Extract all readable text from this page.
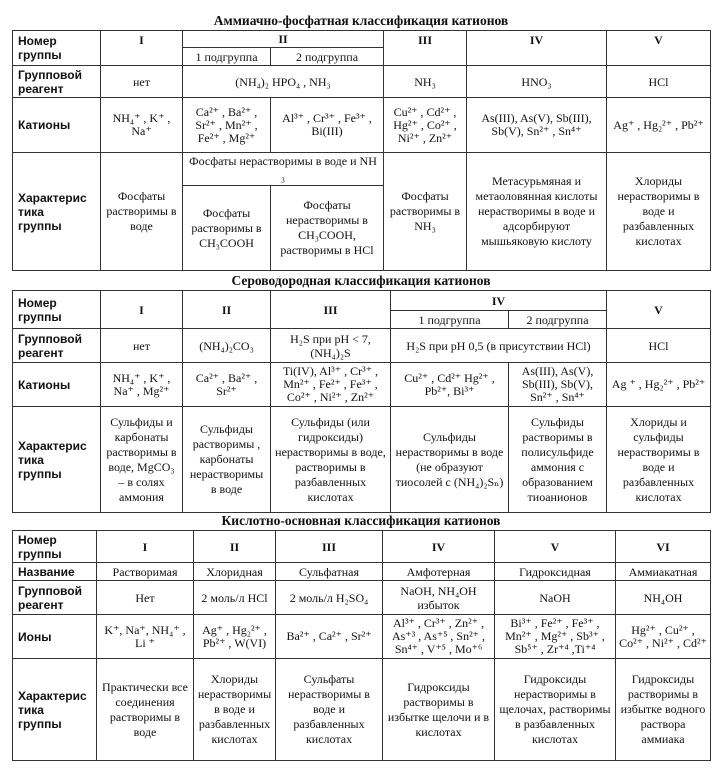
Аммиачно-фосфатная классификация катионов
Номер группы	I	II		III	IV	V
		1 подгруппа	2 подгруппа			
Групповой реагент	нет	(NH₄)₂ HPO₄ , NH₃		NH₃	HNO₃	HCl
Катионы	NH₄⁺ , K⁺ , Na⁺	Ca²⁺ , Ba²⁺ , Sr²⁺ , Mn²⁺ , Fe²⁺ , Mg²⁺	Al³⁺ , Cr³⁺ , Fe³⁺ , Bi(III)	Cu²⁺ , Cd²⁺ , Hg²⁺ , Co²⁺ , Ni²⁺ , Zn²⁺	As(III), As(V), Sb(III), Sb(V), Sn²⁺ , Sn⁴⁺	Ag⁺ , Hg₂²⁺ , Pb²⁺
Характерис
тика
группы	Фосфаты растворимы в воде	Фосфаты нерастворимы в воде и NH ₃		Фосфаты растворимы в NH₃	Метасурьмяная и метаоловянная кислоты нерастворимы в воде и адсорбируют мышьяковую кислоту	Хлориды нерастворимы в воде и разбавленных кислотах
		Фосфаты растворимы в CH₃COOH	Фосфаты нерастворимы в CH₃COOH, растворимы в HCl			
Сероводородная классификация катионов
Номер группы	I	II	III	IV		V
				1 подгруппа	2 подгруппа	
Групповой реагент	нет	(NH₄)₂CO₃	H₂S при pH < 7, (NH₄)₂S	H₂S при pH 0,5 (в присутствии HCl)		HCl
Катионы	NH₄⁺ , K⁺ , Na⁺ , Mg²⁺	Ca²⁺ , Ba²⁺ , Sr²⁺	Ti(IV), Al³⁺ , Cr³⁺ , Mn²⁺ , Fe²⁺ , Fe³⁺ , Co²⁺ , Ni²⁺ , Zn²⁺	Cu²⁺ , Cd²⁺ Hg²⁺ , Pb²⁺, Bi³⁺	As(III), As(V), Sb(III), Sb(V), Sn²⁺ , Sn⁴⁺	Ag ⁺ , Hg₂²⁺ , Pb²⁺
Характерис
тика
группы	Сульфиды и карбонаты растворимы в воде, MgCO₃ – в солях аммония	Сульфиды растворимы , карбонаты нерастворимы в воде	Сульфиды (или гидроксиды) нерастворимы в воде, растворимы в разбавленных кислотах	Сульфиды нерастворимы в воде (не образуют тиосолей с (NH₄)₂Sₙ)	Сульфиды растворимы в полисульфиде аммония с образованием тиоанионов	Хлориды и сульфиды нерастворимы в воде и разбавленных кислотах
Кислотно-основная классификация катионов
Номер группы	I	II	III	IV	V	VI
Название	Растворимая	Хлоридная	Сульфатная	Амфотерная	Гидроксидная	Аммиакатная
Групповой реагент	Нет	2 моль/л HCl	2 моль/л H₂SO₄	NaOH, NH₄OH избыток	NaOH	NH₄OH
Ионы	K⁺, Na⁺, NH₄⁺ , Li ⁺	Ag⁺ , Hg₂²⁺ , Pb²⁺ , W(VI)	Ba²⁺ , Ca²⁺ , Sr²⁺	Al³⁺ , Cr³⁺ , Zn²⁺ , As⁺³ , As⁺⁵ , Sn²⁺ , Sn⁴⁺ , V⁺⁵ , Mo⁺⁶	Bi³⁺ , Fe²⁺ , Fe³⁺ , Mn²⁺ , Mg²⁺ , Sb³⁺ , Sb⁵⁺ , Zr⁺⁴ ,Ti⁺⁴	Hg²⁺ , Cu²⁺ , Co²⁺ , Ni²⁺ , Cd²⁺
Характерис
тика
группы	Практически все соединения растворимы в воде	Хлориды нерастворимы в воде и разбавленных кислотах	Сульфаты нерастворимы в воде и разбавленных кислотах	Гидроксиды растворимы в избытке щелочи и в кислотах	Гидроксиды нерастворимы в щелочах, растворимы в разбавленных кислотах	Гидроксиды растворимы в избытке водного раствора аммиака
